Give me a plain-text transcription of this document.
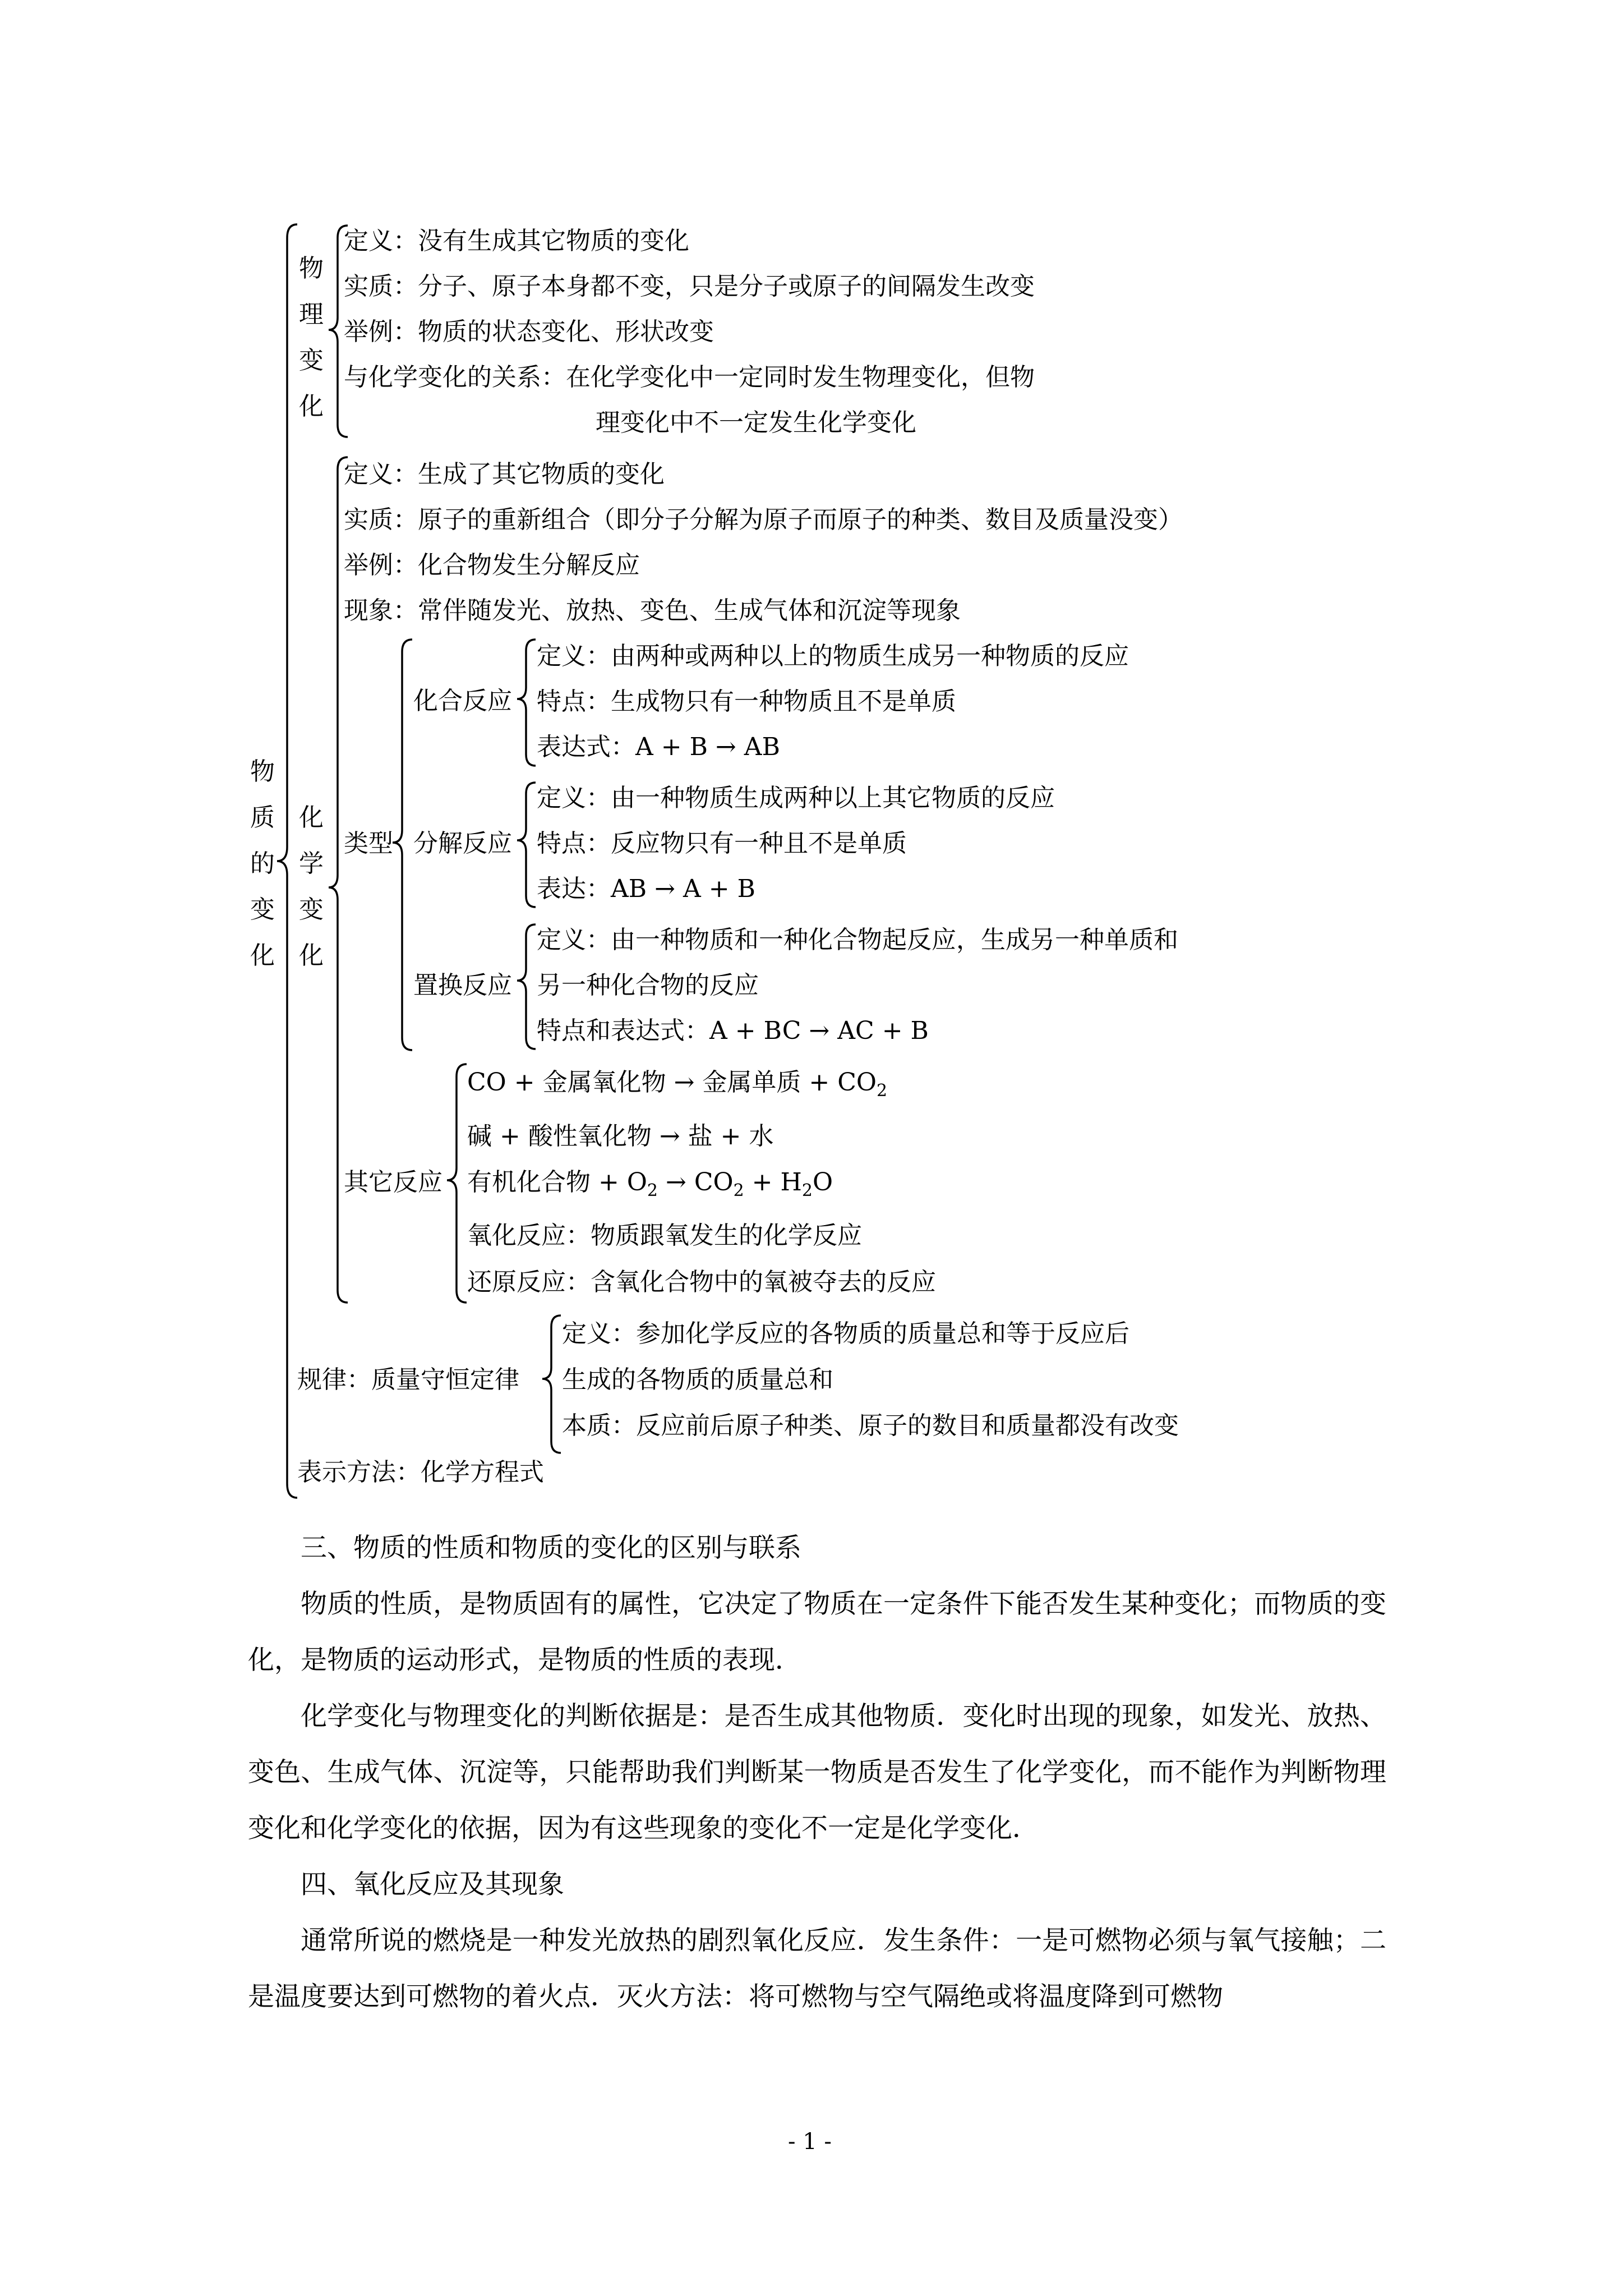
物质的变化
物理变化
定义：没有生成其它物质的变化
实质：分子、原子本身都不变，只是分子或原子的间隔发生改变
举例：物质的状态变化、形状改变
与化学变化的关系：在化学变化中一定同时发生物理变化，但物
理变化中不一定发生化学变化
化学变化
定义：生成了其它物质的变化
实质：原子的重新组合（即分子分解为原子而原子的种类、数目及质量没变）
举例：化合物发生分解反应
现象：常伴随发光、放热、变色、生成气体和沉淀等现象
类型
化合反应
定义：由两种或两种以上的物质生成另一种物质的反应
特点：生成物只有一种物质且不是单质
表达式：A + B → AB
分解反应
定义：由一种物质生成两种以上其它物质的反应
特点：反应物只有一种且不是单质
表达：AB → A + B
置换反应
定义：由一种物质和一种化合物起反应，生成另一种单质和
另一种化合物的反应
特点和表达式：A + BC → AC + B
其它反应
CO + 金属氧化物 → 金属单质 + $CO_2$
碱 + 酸性氧化物 → 盐 + 水
有机化合物 + $O_2 \to CO_2 + H_2O$
氧化反应：物质跟氧发生的化学反应
还原反应：含氧化合物中的氧被夺去的反应
规律：质量守恒定律
定义：参加化学反应的各物质的质量总和等于反应后
生成的各物质的质量总和
本质：反应前后原子种类、原子的数目和质量都没有改变
表示方法：化学方程式
三、物质的性质和物质的变化的区别与联系
物质的性质，是物质固有的属性，它决定了物质在一定条件下能否发生某种变化；而物质的变化，是物质的运动形式，是物质的性质的表现．
化学变化与物理变化的判断依据是：是否生成其他物质．变化时出现的现象，如发光、放热、变色、生成气体、沉淀等，只能帮助我们判断某一物质是否发生了化学变化，而不能作为判断物理变化和化学变化的依据，因为有这些现象的变化不一定是化学变化．
四、氧化反应及其现象
通常所说的燃烧是一种发光放热的剧烈氧化反应．发生条件：一是可燃物必须与氧气接触；二是温度要达到可燃物的着火点．灭火方法：将可燃物与空气隔绝或将温度降到可燃物
- 1 -
